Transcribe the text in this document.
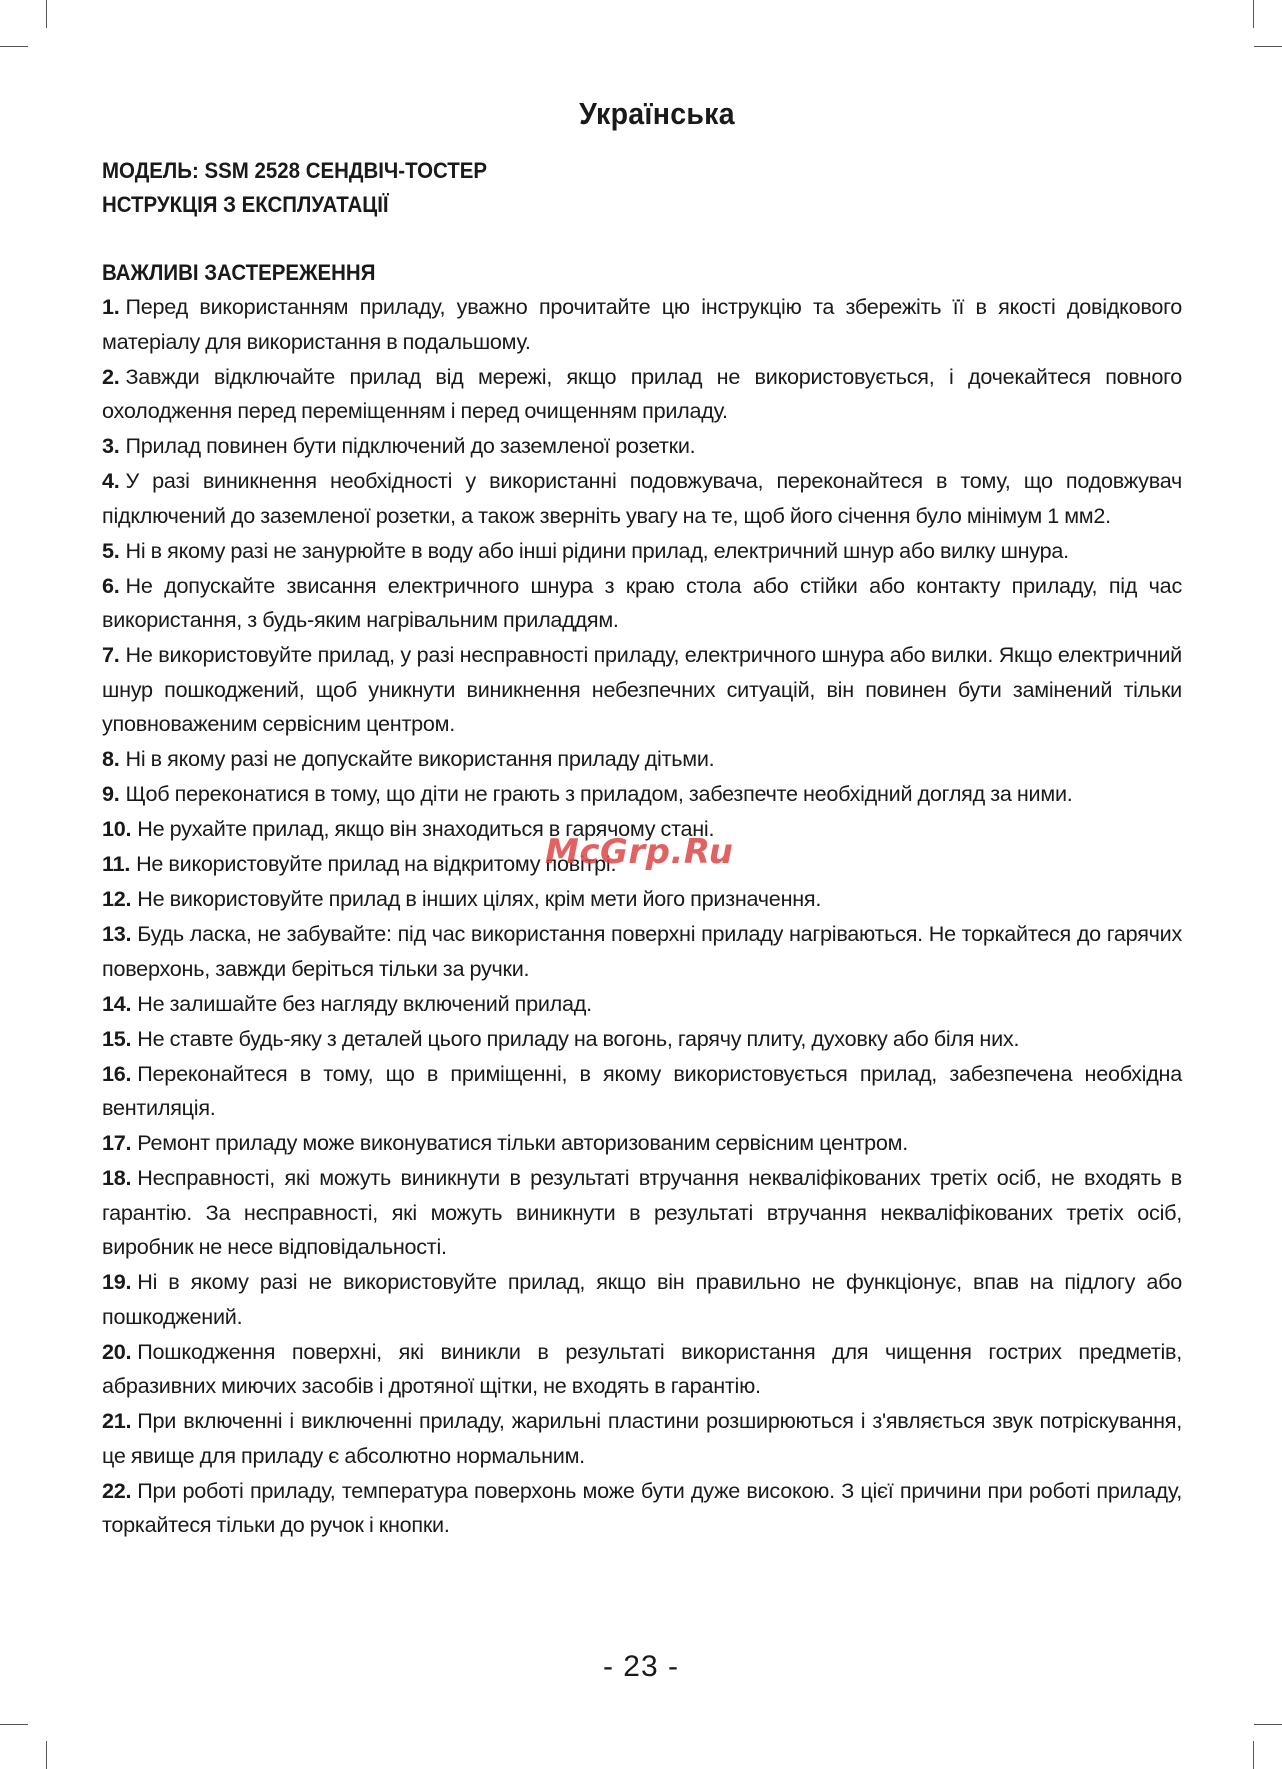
Українська

МОДЕЛЬ: SSM 2528 СЕНДВІЧ-ТОСТЕР

НСТРУКЦІЯ З ЕКСПЛУАТАЦІЇ

ВАЖЛИВІ ЗАСТЕРЕЖЕННЯ
1. Перед використанням приладу, уважно прочитайте цю інструкцію та збережіть її в якості довідкового матеріалу для використання в подальшому.
2. Завжди відключайте прилад від мережі, якщо прилад не використовується, і дочекайтеся повного охолодження перед переміщенням і перед очищенням приладу.
3. Прилад повинен бути підключений до заземленої розетки.
4. У разі виникнення необхідності у використанні подовжувача, переконайтеся в тому, що подовжувач підключений до заземленої розетки, а також зверніть увагу на те, щоб його січення було мінімум 1 мм2.
5. Ні в якому разі не занурюйте в воду або інші рідини прилад, електричний шнур або вилку шнура.
6. Не допускайте звисання електричного шнура з краю стола або стійки або контакту приладу, під час використання, з будь-яким нагрівальним приладдям.
7. Не використовуйте прилад, у разі несправності приладу, електричного шнура або вилки. Якщо електричний шнур пошкоджений, щоб уникнути виникнення небезпечних ситуацій, він повинен бути замінений тільки уповноваженим сервісним центром.
8. Ні в якому разі не допускайте використання приладу дітьми.
9. Щоб переконатися в тому, що діти не грають з приладом, забезпечте необхідний догляд за ними.
10. Не рухайте прилад, якщо він знаходиться в гарячому стані.
11. Не використовуйте прилад на відкритому повітрі.
12. Не використовуйте прилад в інших цілях, крім мети його призначення.
13. Будь ласка, не забувайте: під час використання поверхні приладу нагріваються. Не торкайтеся до гарячих поверхонь, завжди беріться тільки за ручки.
14. Не залишайте без нагляду включений прилад.
15. Не ставте будь-яку з деталей цього приладу на вогонь, гарячу плиту, духовку або біля них.
16. Переконайтеся в тому, що в приміщенні, в якому використовується прилад, забезпечена необхідна вентиляція.
17. Ремонт приладу може виконуватися тільки авторизованим сервісним центром.
18. Несправності, які можуть виникнути в результаті втручання некваліфікованих третіх осіб, не входять в гарантію. За несправності, які можуть виникнути в результаті втручання некваліфікованих третіх осіб, виробник не несе відповідальності.
19. Ні в якому разі не використовуйте прилад, якщо він правильно не функціонує, впав на підлогу або пошкоджений.
20. Пошкодження поверхні, які виникли в результаті використання для чищення гострих предметів, абразивних миючих засобів і дротяної щітки, не входять в гарантію.
21. При включенні і виключенні приладу, жарильні пластини розширюються і з'являється звук потріскування, це явище для приладу є абсолютно нормальним.
22. При роботі приладу, температура поверхонь може бути дуже високою. З цієї причини при роботі приладу, торкайтеся тільки до ручок і кнопки.
McGrp.Ru
- 23 -
